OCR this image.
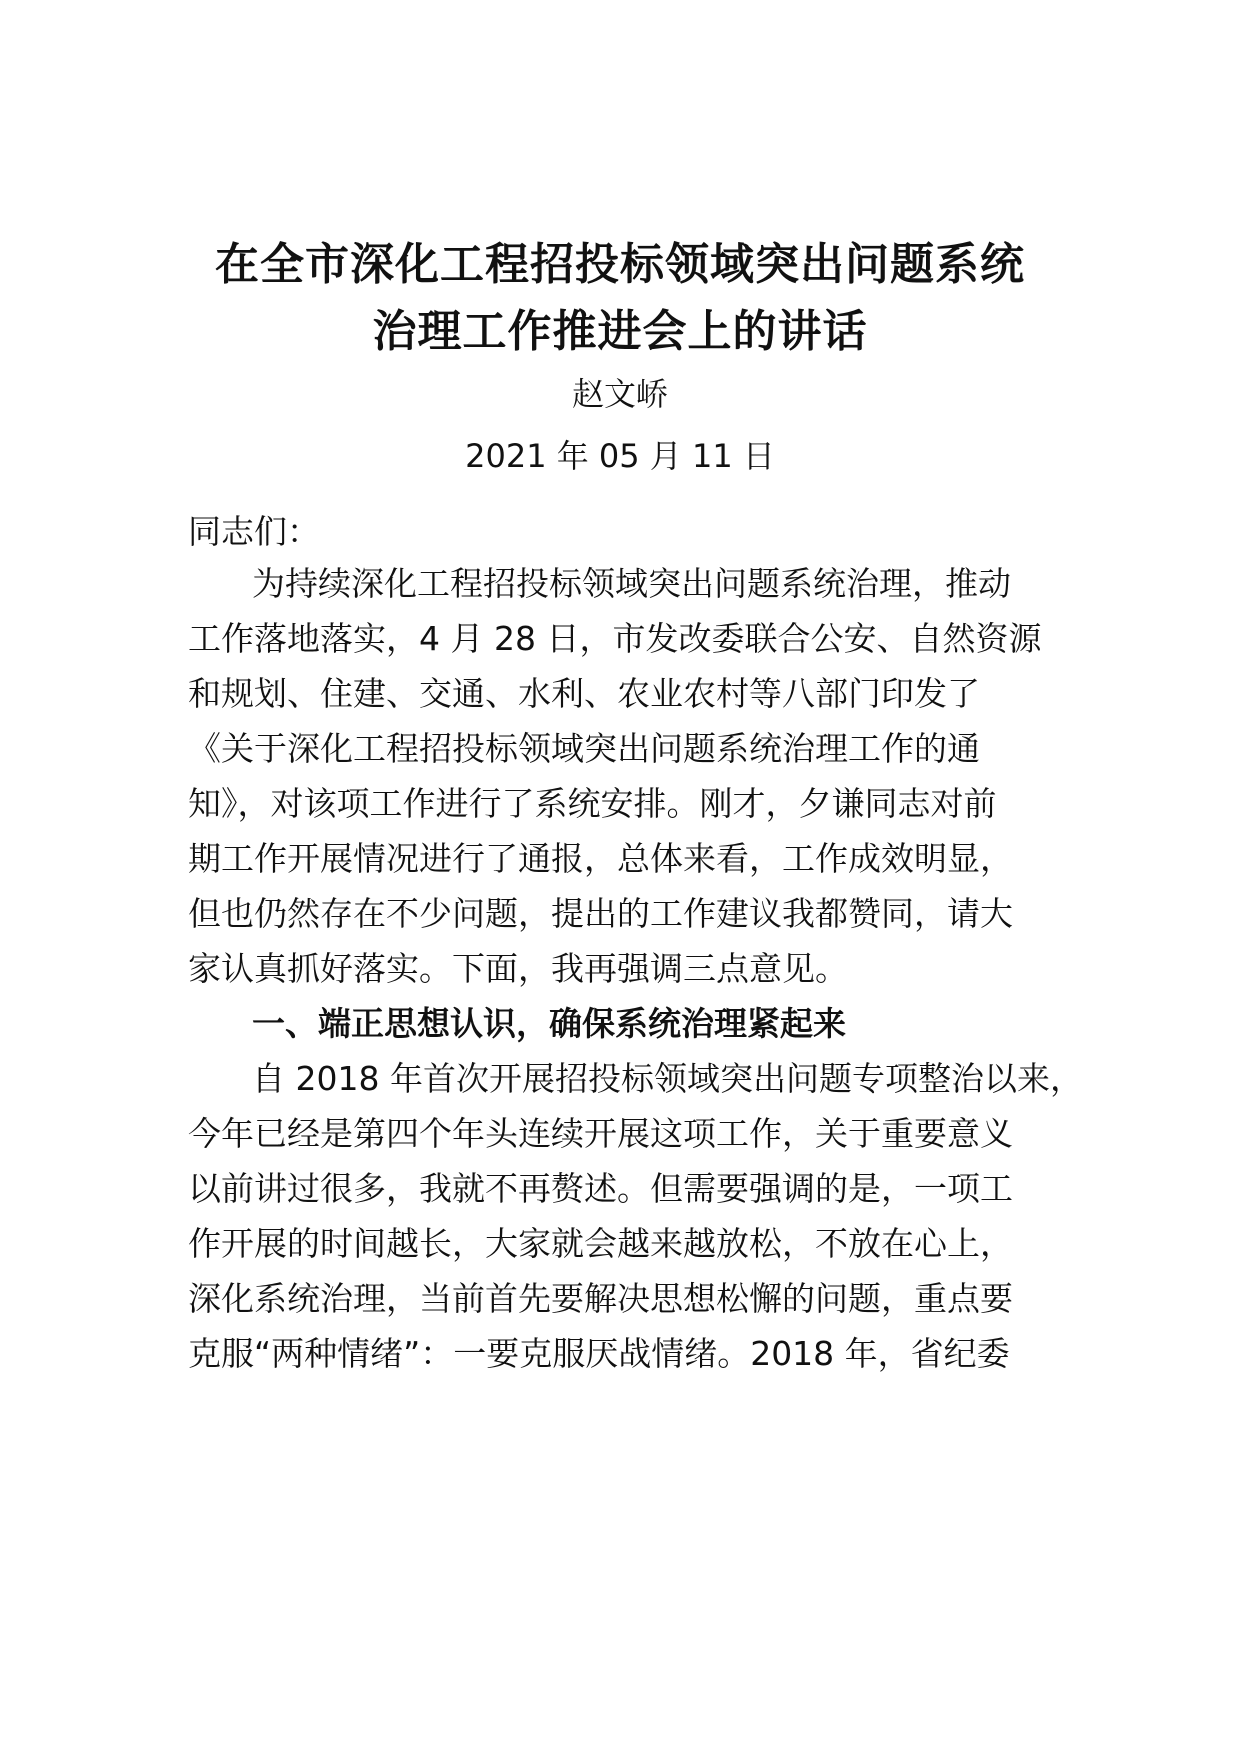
在全市深化工程招投标领域突出问题系统
治理工作推进会上的讲话
赵文峤
2021 年 05 月 11 日
同志们：
为持续深化工程招投标领域突出问题系统治理，推动
工作落地落实，4 月 28 日，市发改委联合公安、自然资源
和规划、住建、交通、水利、农业农村等八部门印发了
《关于深化工程招投标领域突出问题系统治理工作的通
知》，对该项工作进行了系统安排。刚才，夕谦同志对前
期工作开展情况进行了通报，总体来看，工作成效明显，
但也仍然存在不少问题，提出的工作建议我都赞同，请大
家认真抓好落实。下面，我再强调三点意见。
一、端正思想认识，确保系统治理紧起来
自 2018 年首次开展招投标领域突出问题专项整治以来，
今年已经是第四个年头连续开展这项工作，关于重要意义
以前讲过很多，我就不再赘述。但需要强调的是，一项工
作开展的时间越长，大家就会越来越放松，不放在心上，
深化系统治理，当前首先要解决思想松懈的问题，重点要
克服“两种情绪”：一要克服厌战情绪。2018 年，省纪委
